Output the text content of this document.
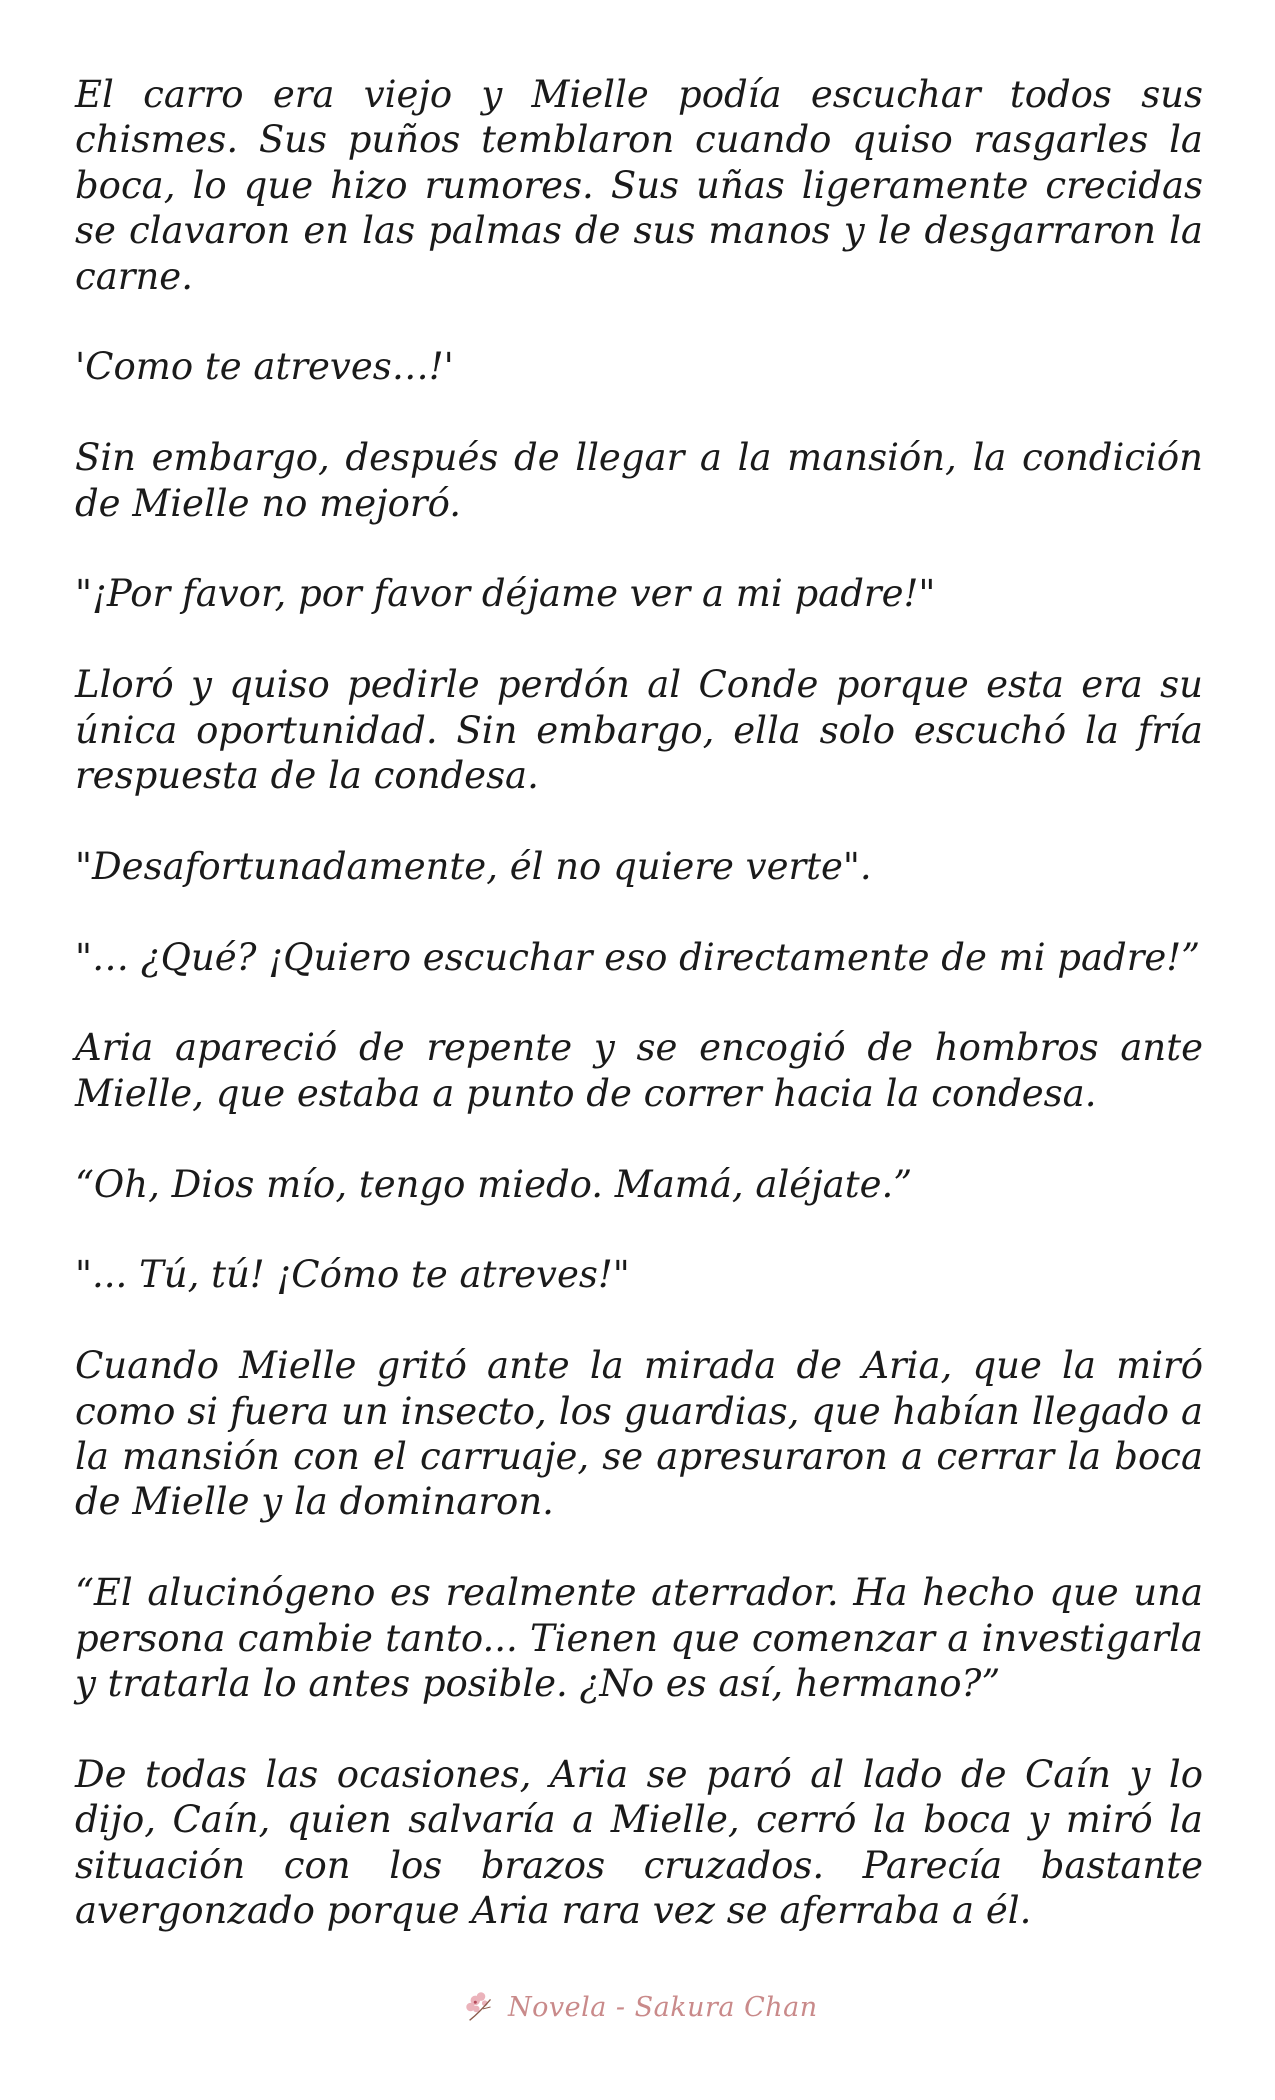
El carro era viejo y Mielle podía escuchar todos sus chismes. Sus puños temblaron cuando quiso rasgarles la boca, lo que hizo rumores. Sus uñas ligeramente crecidas se clavaron en las palmas de sus manos y le desgarraron la carne.

'Como te atreves…!'

Sin embargo, después de llegar a la mansión, la condición de Mielle no mejoró.

"¡Por favor, por favor déjame ver a mi padre!"

Lloró y quiso pedirle perdón al Conde porque esta era su única oportunidad. Sin embargo, ella solo escuchó la fría respuesta de la condesa.

"Desafortunadamente, él no quiere verte".

"… ¿Qué? ¡Quiero escuchar eso directamente de mi padre!”

Aria apareció de repente y se encogió de hombros ante Mielle, que estaba a punto de correr hacia la condesa.

“Oh, Dios mío, tengo miedo. Mamá, aléjate.”

"... Tú, tú! ¡Cómo te atreves!"

Cuando Mielle gritó ante la mirada de Aria, que la miró como si fuera un insecto, los guardias, que habían llegado a la mansión con el carruaje, se apresuraron a cerrar la boca de Mielle y la dominaron.

“El alucinógeno es realmente aterrador. Ha hecho que una persona cambie tanto... Tienen que comenzar a investigarla y tratarla lo antes posible. ¿No es así, hermano?”

De todas las ocasiones, Aria se paró al lado de Caín y lo dijo, Caín, quien salvaría a Mielle, cerró la boca y miró la situación con los brazos cruzados. Parecía bastante avergonzado porque Aria rara vez se aferraba a él.

Novela - Sakura Chan
